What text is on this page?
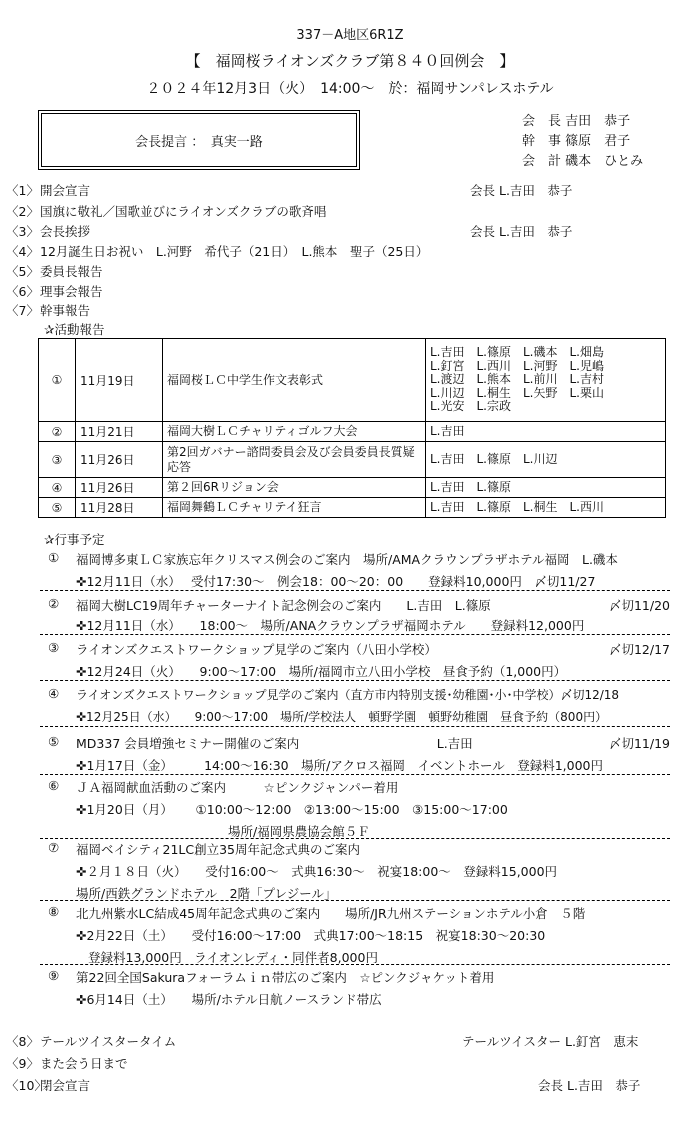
337－A地区6R1Z
【　福岡桜ライオンズクラブ第８４０回例会　】
２０２４年12月3日（火）　14:00～　於：福岡サンパレスホテル
会　長 吉田　恭子
幹　事 篠原　君子
会　計 磯本　ひとみ
会長提言 ：　真実一路
〈1〉開会宣言	会長 L.吉田　恭子
〈2〉国旗に敬礼／国歌並びにライオンズクラブの歌斉唱
〈3〉会長挨拶	会長 L.吉田　恭子
〈4〉12月誕生日お祝い　L.河野　希代子（21日）　L.熊本　聖子（25日）
〈5〉委員長報告
〈6〉理事会報告
〈7〉幹事報告
✰活動報告
①	11月19日	福岡桜ＬＣ中学生作文表彰式	L.吉田　L.篠原　L.磯本　L.畑島
L.釘宮　L.西川　L.河野　L.児嶋
L.渡辺　L.熊本　L.前川　L.吉村
L.川辺　L.桐生　L.矢野　L.栗山
L.光安　L.宗政

②	11月21日	福岡大樹ＬＣチャリティゴルフ大会	L.吉田
③	11月26日	第2回ガバナー諮問委員会及び会員委員長質疑応答	L.吉田　L.篠原　L.川辺
④	11月26日	第２回6Rリジョン会	L.吉田　L.篠原
⑤	11月28日	福岡舞鶴ＬＣチャリテイ狂言	L.吉田　L.篠原　L.桐生　L.西川
✰行事予定
① 福岡博多東ＬＣ家族忘年クリスマス例会のご案内　場所/AMAクラウンプラザホテル福岡　L.磯本
✜12月11日（水）　 受付17:30～　例会18：00～20：00　　登録料10,000円　〆切11/27
② 福岡大樹LC19周年チャーターナイト記念例会のご案内　　L.吉田　L.篠原	〆切11/20
✜12月11日（水）　　18:00～　場所/ANAクラウンプラザ福岡ホテル　　登録料12,000円
③ ライオンズクエストワークショップ見学のご案内（八田小学校）	〆切12/17
✜12月24日（火）　　9:00～17:00　場所/福岡市立八田小学校　昼食予約（1,000円）
④ ライオンズクエストワークショップ見学のご案内（直方市内特別支援･幼稚園･小･中学校）〆切12/18
✜12月25日（水）　　9:00～17:00　場所/学校法人　頓野学園　頓野幼稚園　昼食予約（800円）
⑤ MD337 会員増強セミナー開催のご案内　　　　　　　　　　　L.吉田	〆切11/19
✜1月17日（金）　　　14:00～16:30　場所/アクロス福岡　イベントホール　登録料1,000円
⑥ ＪＡ福岡献血活動のご案内　　　☆ピンクジャンパー着用
✜1月20日（月）　　 ①10:00～12:00　②13:00～15:00　③15:00～17:00
場所/福岡県農協会館５Ｆ
⑦ 福岡ベイシティ21LC創立35周年記念式典のご案内
✜２月１８日（火）　　受付16:00～　式典16:30～　祝宴18:00～　登録料15,000円
場所/西鉄グランドホテル　2階「プレジール」
⑧ 北九州紫水LC結成45周年記念式典のご案内　　場所/JR九州ステーションホテル小倉　５階
✜2月22日（土）　　受付16:00～17:00　式典17:00～18:15　祝宴18:30～20:30
登録料13,000円　ライオンレディ・同伴者8,000円
⑨ 第22回全国Sakuraフォーラムｉｎ帯広のご案内　☆ピンクジャケット着用
✜6月14日（土）　　場所/ホテル日航ノースランド帯広
〈8〉テールツイスタータイム	テールツイスター L.釘宮　恵末
〈9〉また会う日まで
〈10〉閉会宣言	会長 L.吉田　恭子
